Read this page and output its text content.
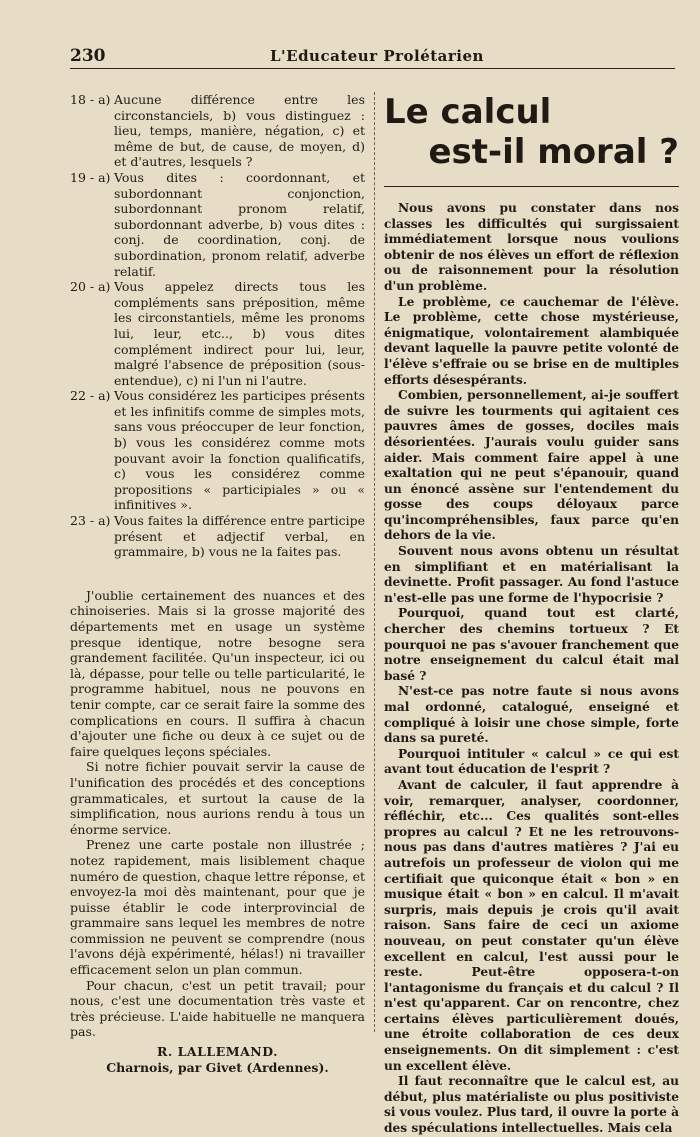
230	L'Educateur Prolétarien
18 - a) Aucune différence entre les circonstanciels, b) vous distinguez : lieu, temps, manière, négation, c) et même de but, de cause, de moyen, d) et d'autres, lesquels ?

19 - a) Vous dites : coordonnant, et subordonnant conjonction, subordonnant pronom relatif, subordonnant adverbe, b) vous dites : conj. de coordination, conj. de subordination, pronom relatif, adverbe relatif.

20 - a) Vous appelez directs tous les compléments sans préposition, même les circonstantiels, même les pronoms lui, leur, etc.., b) vous dites complément indirect pour lui, leur, malgré l'absence de préposition (sous-entendue), c) ni l'un ni l'autre.

22 - a) Vous considérez les participes présents et les infinitifs comme de simples mots, sans vous préoccuper de leur fonction, b) vous les considérez comme mots pouvant avoir la fonction qualificatifs, c) vous les considérez comme propositions « participiales » ou « infinitives ».

23 - a) Vous faites la différence entre participe présent et adjectif verbal, en grammaire, b) vous ne la faites pas.

J'oublie certainement des nuances et des chinoiseries. Mais si la grosse majorité des départements met en usage un système presque identique, notre besogne sera grandement facilitée. Qu'un inspecteur, ici ou là, dépasse, pour telle ou telle particularité, le programme habituel, nous ne pouvons en tenir compte, car ce serait faire la somme des complications en cours. Il suffira à chacun d'ajouter une fiche ou deux à ce sujet ou de faire quelques leçons spéciales.

Si notre fichier pouvait servir la cause de l'unification des procédés et des conceptions grammaticales, et surtout la cause de la simplification, nous aurions rendu à tous un énorme service.

Prenez une carte postale non illustrée ; notez rapidement, mais lisiblement chaque numéro de question, chaque lettre réponse, et envoyez-la moi dès maintenant, pour que je puisse établir le code interprovincial de grammaire sans lequel les membres de notre commission ne peuvent se comprendre (nous l'avons déjà expérimenté, hélas!) ni travailler efficacement selon un plan commun.

Pour chacun, c'est un petit travail; pour nous, c'est une documentation très vaste et très précieuse. L'aide habituelle ne manquera pas.

R. LALLEMAND.
Charnois, par Givet (Ardennes).
Le calcul
est-il moral ?

Nous avons pu constater dans nos classes les difficultés qui surgissaient immédiatement lorsque nous voulions obtenir de nos élèves un effort de réflexion ou de raisonnement pour la résolution d'un problème.

Le problème, ce cauchemar de l'élève. Le problème, cette chose mystérieuse, énigmatique, volontairement alambiquée devant laquelle la pauvre petite volonté de l'élève s'effraie ou se brise en de multiples efforts désespérants.

Combien, personnellement, ai-je souffert de suivre les tourments qui agitaient ces pauvres âmes de gosses, dociles mais désorientées. J'aurais voulu guider sans aider. Mais comment faire appel à une exaltation qui ne peut s'épanouir, quand un énoncé assène sur l'entendement du gosse des coups déloyaux parce qu'incompréhensibles, faux parce qu'en dehors de la vie.

Souvent nous avons obtenu un résultat en simplifiant et en matérialisant la devinette. Profit passager. Au fond l'astuce n'est-elle pas une forme de l'hypocrisie ?

Pourquoi, quand tout est clarté, chercher des chemins tortueux ? Et pourquoi ne pas s'avouer franchement que notre enseignement du calcul était mal basé ?

N'est-ce pas notre faute si nous avons mal ordonné, catalogué, enseigné et compliqué à loisir une chose simple, forte dans sa pureté.

Pourquoi intituler « calcul » ce qui est avant tout éducation de l'esprit ?

Avant de calculer, il faut apprendre à voir, remarquer, analyser, coordonner, réfléchir, etc... Ces qualités sont-elles propres au calcul ? Et ne les retrouvons-nous pas dans d'autres matières ? J'ai eu autrefois un professeur de violon qui me certifiait que quiconque était « bon » en musique était « bon » en calcul. Il m'avait surpris, mais depuis je crois qu'il avait raison. Sans faire de ceci un axiome nouveau, on peut constater qu'un élève excellent en calcul, l'est aussi pour le reste. Peut-être opposera-t-on l'antagonisme du français et du calcul ? Il n'est qu'apparent. Car on rencontre, chez certains élèves particulièrement doués, une étroite collaboration de ces deux enseignements. On dit simplement : c'est un excellent élève.

Il faut reconnaître que le calcul est, au début, plus matérialiste ou plus positiviste si vous voulez. Plus tard, il ouvre la porte à des spéculations intellectuelles. Mais cela
